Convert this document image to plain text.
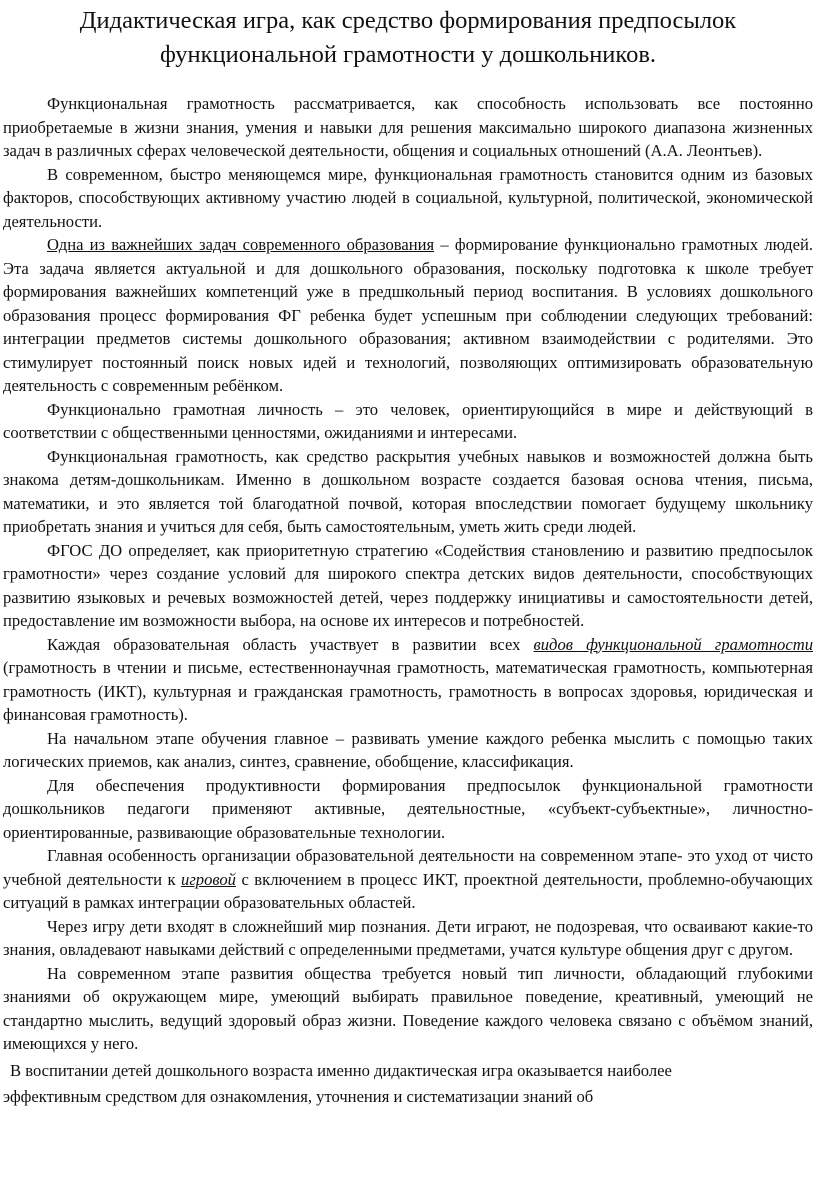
Дидактическая игра, как средство формирования предпосылок функциональной грамотности у дошкольников.

Функциональная грамотность рассматривается, как способность использовать все постоянно приобретаемые в жизни знания, умения и навыки для решения максимально широкого диапазона жизненных задач в различных сферах человеческой деятельности, общения и социальных отношений (А.А. Леонтьев).

В современном, быстро меняющемся мире, функциональная грамотность становится одним из базовых факторов, способствующих активному участию людей в социальной, культурной, политической, экономической деятельности.

Одна из важнейших задач современного образования – формирование функционально грамотных людей. Эта задача является актуальной и для дошкольного образования, поскольку подготовка к школе требует формирования важнейших компетенций уже в предшкольный период воспитания. В условиях дошкольного образования процесс формирования ФГ ребенка будет успешным при соблюдении следующих требований: интеграции предметов системы дошкольного образования; активном взаимодействии с родителями. Это стимулирует постоянный поиск новых идей и технологий, позволяющих оптимизировать образовательную деятельность с современным ребёнком.

Функционально грамотная личность – это человек, ориентирующийся в мире и действующий в соответствии с общественными ценностями, ожиданиями и интересами.

Функциональная грамотность, как средство раскрытия учебных навыков и возможностей должна быть знакома детям-дошкольникам. Именно в дошкольном возрасте создается базовая основа чтения, письма, математики, и это является той благодатной почвой, которая впоследствии помогает будущему школьнику приобретать знания и учиться для себя, быть самостоятельным, уметь жить среди людей.

ФГОС ДО определяет, как приоритетную стратегию «Содействия становлению и развитию предпосылок грамотности» через создание условий для широкого спектра детских видов деятельности, способствующих развитию языковых и речевых возможностей детей, через поддержку инициативы и самостоятельности детей, предоставление им возможности выбора, на основе их интересов и потребностей.

Каждая образовательная область участвует в развитии всех видов функциональной грамотности (грамотность в чтении и письме, естественнонаучная грамотность, математическая грамотность, компьютерная грамотность (ИКТ), культурная и гражданская грамотность, грамотность в вопросах здоровья, юридическая и финансовая грамотность).

На начальном этапе обучения главное – развивать умение каждого ребенка мыслить с помощью таких логических приемов, как анализ, синтез, сравнение, обобщение, классификация.

Для обеспечения продуктивности формирования предпосылок функциональной грамотности дошкольников педагоги применяют активные, деятельностные, «субъект-субъектные», личностно-ориентированные, развивающие образовательные технологии.

Главная особенность организации образовательной деятельности на современном этапе- это уход от чисто учебной деятельности к игровой с включением в процесс ИКТ, проектной деятельности, проблемно-обучающих ситуаций в рамках интеграции образовательных областей.

Через игру дети входят в сложнейший мир познания. Дети играют, не подозревая, что осваивают какие-то знания, овладевают навыками действий с определенными предметами, учатся культуре общения друг с другом.

На современном этапе развития общества требуется новый тип личности, обладающий глубокими знаниями об окружающем мире, умеющий выбирать правильное поведение, креативный, умеющий не стандартно мыслить, ведущий здоровый образ жизни. Поведение каждого человека связано с объёмом знаний, имеющихся у него.

В воспитании детей дошкольного возраста именно дидактическая игра оказывается наиболее

эффективным средством для ознакомления, уточнения и систематизации знаний об
